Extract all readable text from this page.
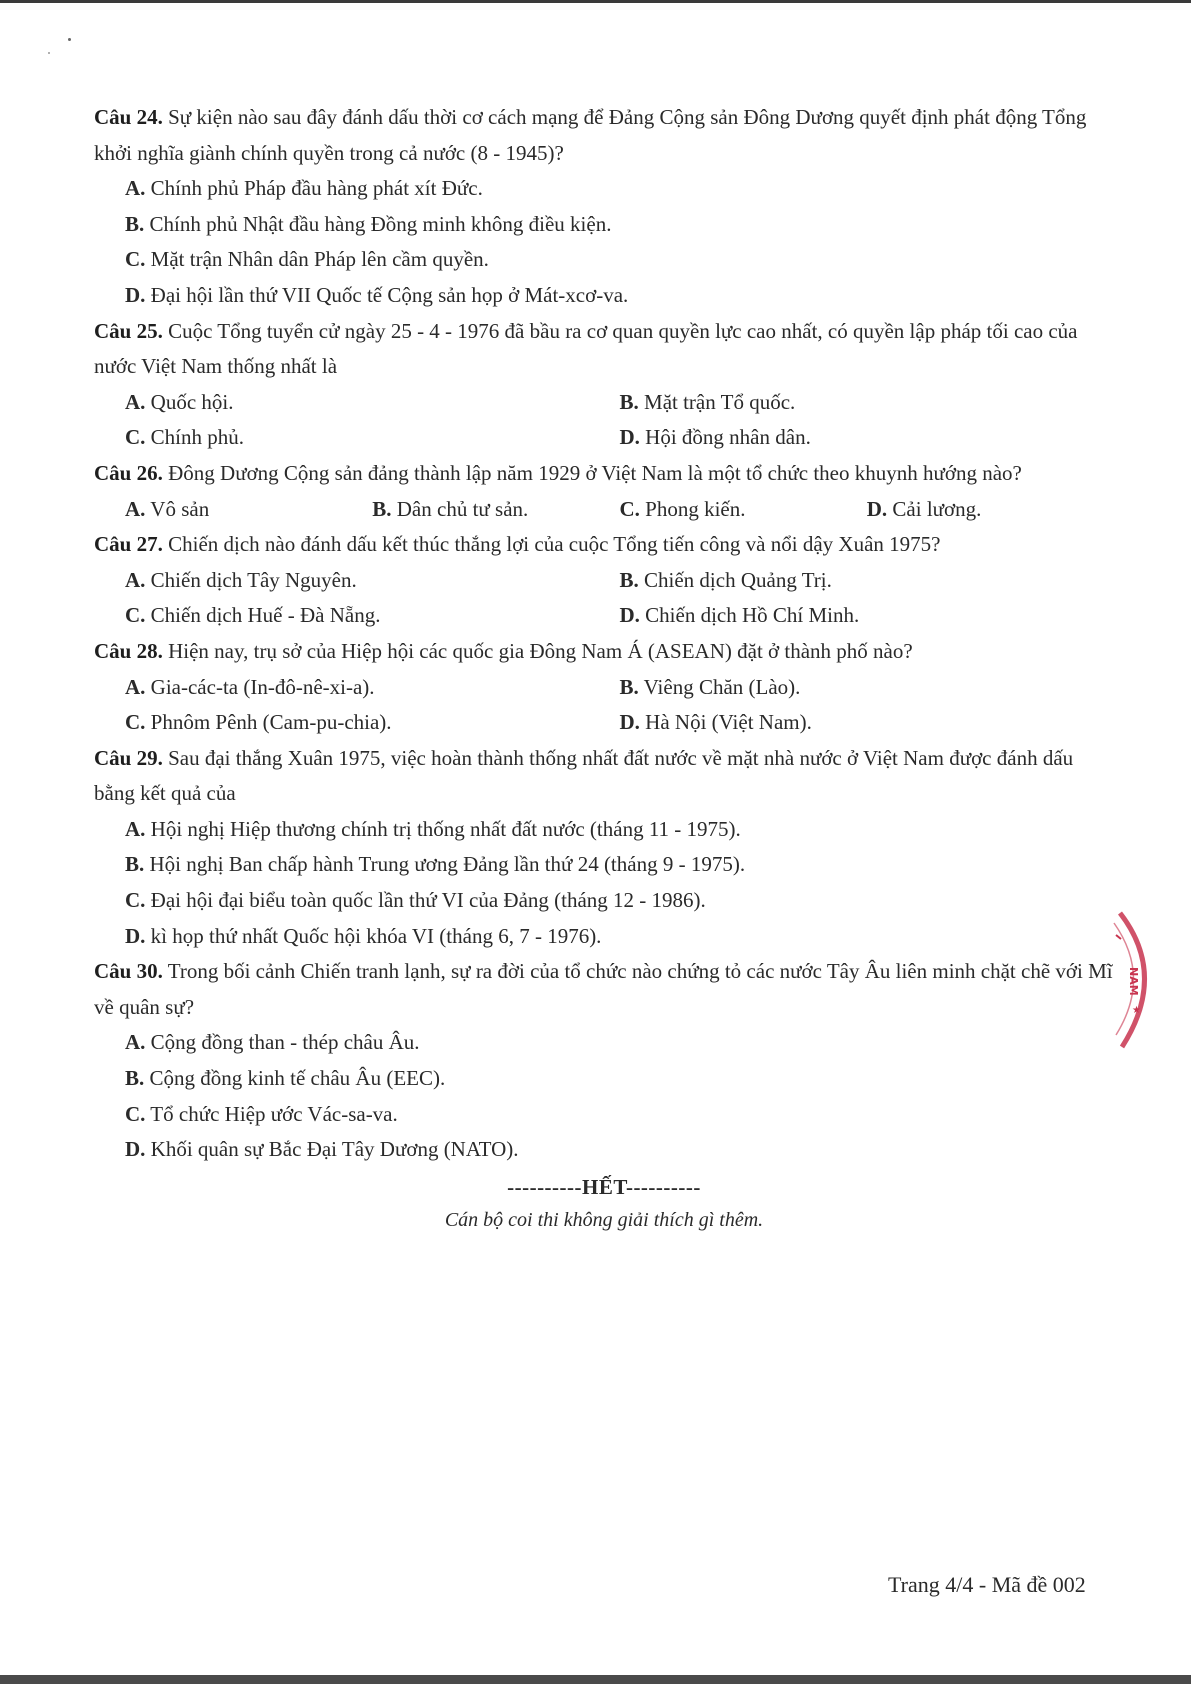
Câu 24. Sự kiện nào sau đây đánh dấu thời cơ cách mạng để Đảng Cộng sản Đông Dương quyết định phát động Tổng khởi nghĩa giành chính quyền trong cả nước (8 - 1945)?

A. Chính phủ Pháp đầu hàng phát xít Đức.
B. Chính phủ Nhật đầu hàng Đồng minh không điều kiện.
C. Mặt trận Nhân dân Pháp lên cầm quyền.
D. Đại hội lần thứ VII Quốc tế Cộng sản họp ở Mát-xcơ-va.

Câu 25. Cuộc Tổng tuyển cử ngày 25 - 4 - 1976 đã bầu ra cơ quan quyền lực cao nhất, có quyền lập pháp tối cao của nước Việt Nam thống nhất là

A. Quốc hội.	B. Mặt trận Tổ quốc.
C. Chính phủ.	D. Hội đồng nhân dân.

Câu 26. Đông Dương Cộng sản đảng thành lập năm 1929 ở Việt Nam là một tổ chức theo khuynh hướng nào?

A. Vô sản	B. Dân chủ tư sản.	C. Phong kiến.	D. Cải lương.

Câu 27. Chiến dịch nào đánh dấu kết thúc thắng lợi của cuộc Tổng tiến công và nổi dậy Xuân 1975?

A. Chiến dịch Tây Nguyên.	B. Chiến dịch Quảng Trị.
C. Chiến dịch Huế - Đà Nẵng.	D. Chiến dịch Hồ Chí Minh.

Câu 28. Hiện nay, trụ sở của Hiệp hội các quốc gia Đông Nam Á (ASEAN) đặt ở thành phố nào?

A. Gia-các-ta (In-đô-nê-xi-a).	B. Viêng Chăn (Lào).
C. Phnôm Pênh (Cam-pu-chia).	D. Hà Nội (Việt Nam).

Câu 29. Sau đại thắng Xuân 1975, việc hoàn thành thống nhất đất nước về mặt nhà nước ở Việt Nam được đánh dấu bằng kết quả của

A. Hội nghị Hiệp thương chính trị thống nhất đất nước (tháng 11 - 1975).
B. Hội nghị Ban chấp hành Trung ương Đảng lần thứ 24 (tháng 9 - 1975).
C. Đại hội đại biểu toàn quốc lần thứ VI của Đảng (tháng 12 - 1986).
D. kì họp thứ nhất Quốc hội khóa VI (tháng 6, 7 - 1976).

Câu 30. Trong bối cảnh Chiến tranh lạnh, sự ra đời của tổ chức nào chứng tỏ các nước Tây Âu liên minh chặt chẽ với Mĩ về quân sự?

A. Cộng đồng than - thép châu Âu.
B. Cộng đồng kinh tế châu Âu (EEC).
C. Tổ chức Hiệp ước Vác-sa-va.
D. Khối quân sự Bắc Đại Tây Dương (NATO).
----------HẾT----------
Cán bộ coi thi không giải thích gì thêm.
NAM
★
Trang 4/4 - Mã đề 002
